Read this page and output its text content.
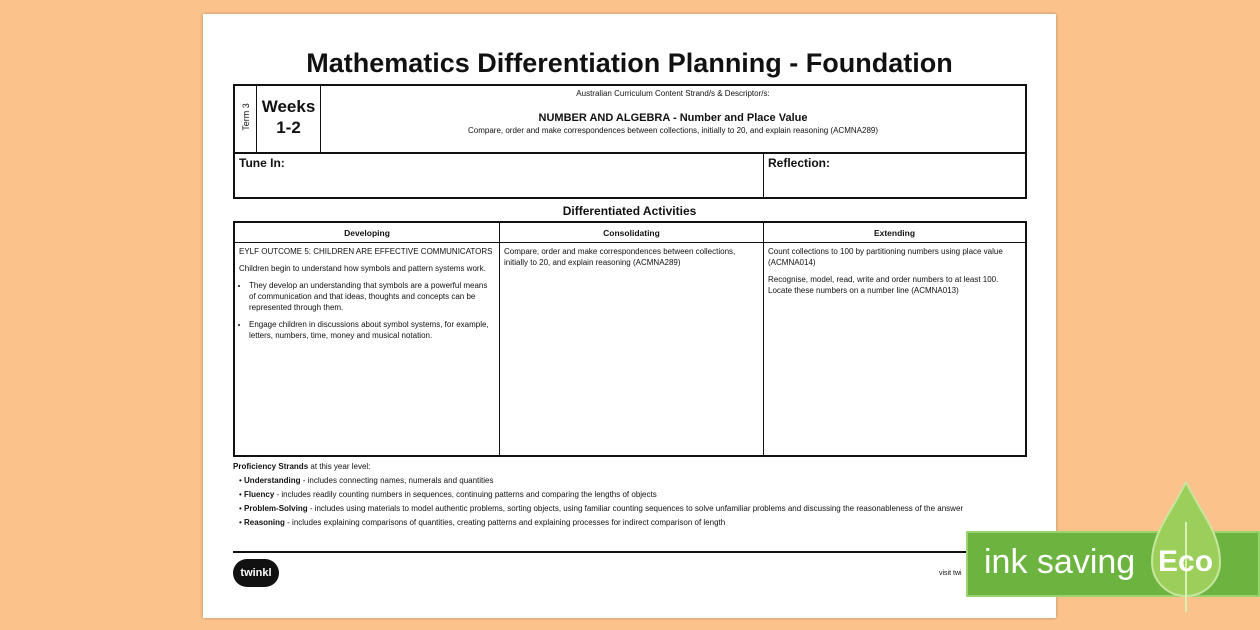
Mathematics Differentiation Planning - Foundation
Term 3 Weeks
1-2
Australian Curriculum Content Strand/s & Descriptor/s:
NUMBER AND ALGEBRA - Number and Place Value
Compare, order and make correspondences between collections, initially to 20, and explain reasoning (ACMNA289)
Tune In:	Reflection:
Differentiated Activities
Developing

EYLF OUTCOME 5: CHILDREN ARE EFFECTIVE COMMUNICATORS

Children begin to understand how symbols and pattern systems work.

• They develop an understanding that symbols are a powerful means of communication and that ideas, thoughts and concepts can be represented through them.
• Engage children in discussions about symbol systems, for example, letters, numbers, time, money and musical notation.
Consolidating

Compare, order and make correspondences between collections, initially to 20, and explain reasoning (ACMNA289)

Extending

Count collections to 100 by partitioning numbers using place value (ACMNA014)

Recognise, model, read, write and order numbers to at least 100. Locate these numbers on a number line (ACMNA013)

Proficiency Strands at this year level:
• Understanding - includes connecting names, numerals and quantities
• Fluency - includes readily counting numbers in sequences, continuing patterns and comparing the lengths of objects
• Problem-Solving - includes using materials to model authentic problems, sorting objects, using familiar counting sequences to solve unfamiliar problems and discussing the reasonableness of the answer
• Reasoning - includes explaining comparisons of quantities, creating patterns and explaining processes for indirect comparison of length
twinkl	visit twi ink saving Eco
